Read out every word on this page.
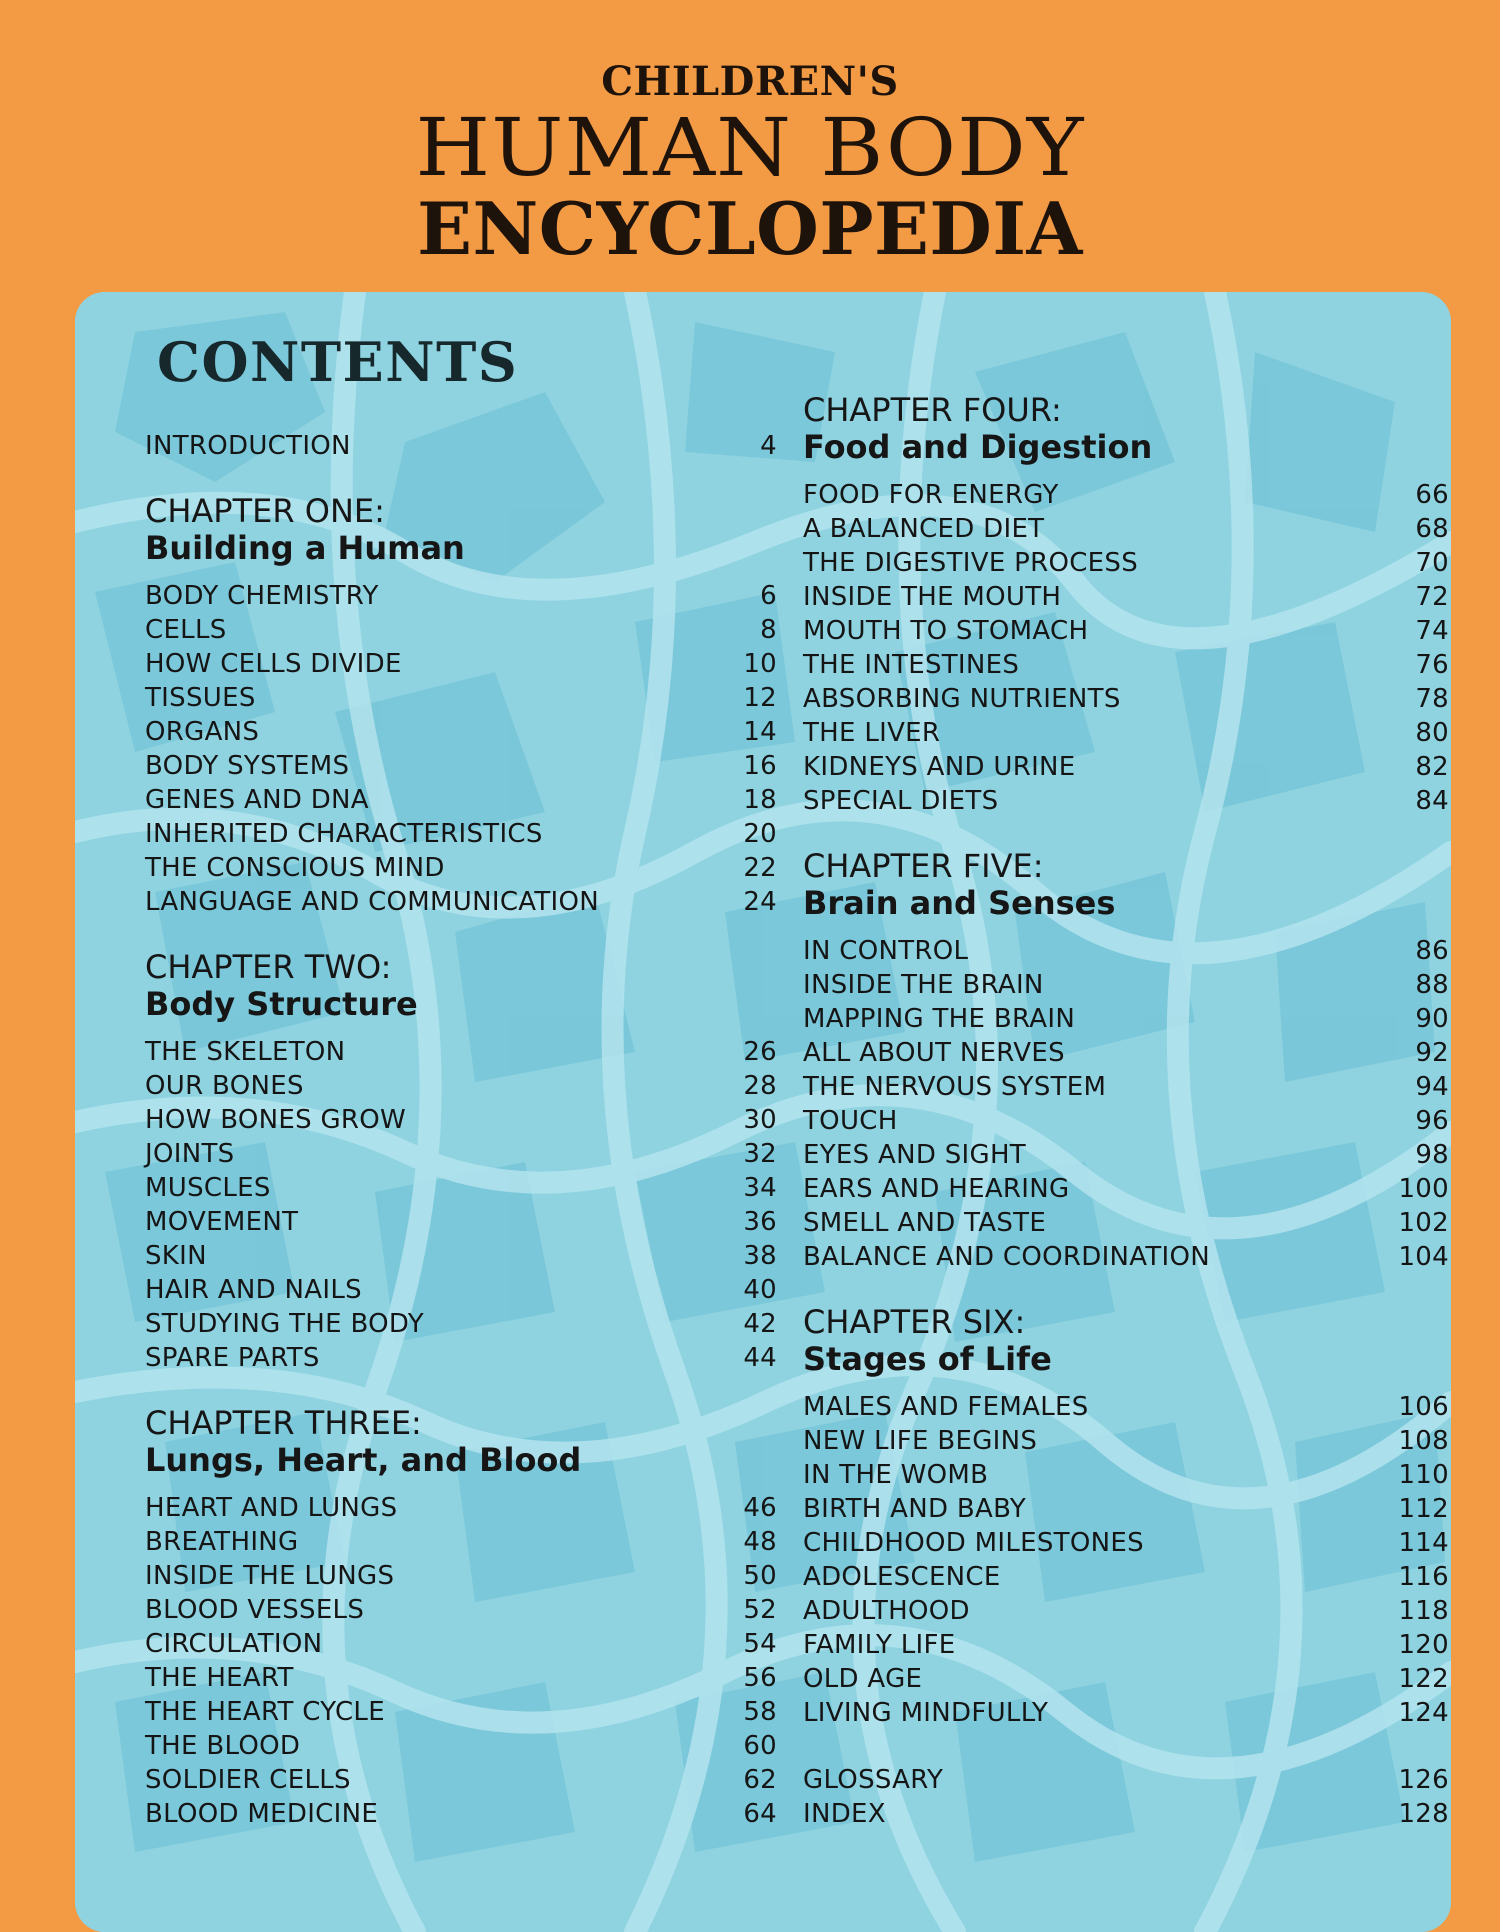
CHILDREN'S
HUMAN BODY
ENCYCLOPEDIA
CONTENTS
INTRODUCTION	4
CHAPTER ONE:
Building a Human
BODY CHEMISTRY	6
CELLS	8
HOW CELLS DIVIDE	10
TISSUES	12
ORGANS	14
BODY SYSTEMS	16
GENES AND DNA	18
INHERITED CHARACTERISTICS	20
THE CONSCIOUS MIND	22
LANGUAGE AND COMMUNICATION	24
CHAPTER TWO:
Body Structure
THE SKELETON	26
OUR BONES	28
HOW BONES GROW	30
JOINTS	32
MUSCLES	34
MOVEMENT	36
SKIN	38
HAIR AND NAILS	40
STUDYING THE BODY	42
SPARE PARTS	44
CHAPTER THREE:
Lungs, Heart, and Blood
HEART AND LUNGS	46
BREATHING	48
INSIDE THE LUNGS	50
BLOOD VESSELS	52
CIRCULATION	54
THE HEART	56
THE HEART CYCLE	58
THE BLOOD	60
SOLDIER CELLS	62
BLOOD MEDICINE	64
CHAPTER FOUR:
Food and Digestion
FOOD FOR ENERGY	66
A BALANCED DIET	68
THE DIGESTIVE PROCESS	70
INSIDE THE MOUTH	72
MOUTH TO STOMACH	74
THE INTESTINES	76
ABSORBING NUTRIENTS	78
THE LIVER	80
KIDNEYS AND URINE	82
SPECIAL DIETS	84
CHAPTER FIVE:
Brain and Senses
IN CONTROL	86
INSIDE THE BRAIN	88
MAPPING THE BRAIN	90
ALL ABOUT NERVES	92
THE NERVOUS SYSTEM	94
TOUCH	96
EYES AND SIGHT	98
EARS AND HEARING	100
SMELL AND TASTE	102
BALANCE AND COORDINATION	104
CHAPTER SIX:
Stages of Life
MALES AND FEMALES	106
NEW LIFE BEGINS	108
IN THE WOMB	110
BIRTH AND BABY	112
CHILDHOOD MILESTONES	114
ADOLESCENCE	116
ADULTHOOD	118
FAMILY LIFE	120
OLD AGE	122
LIVING MINDFULLY	124
GLOSSARY	126
INDEX	128
